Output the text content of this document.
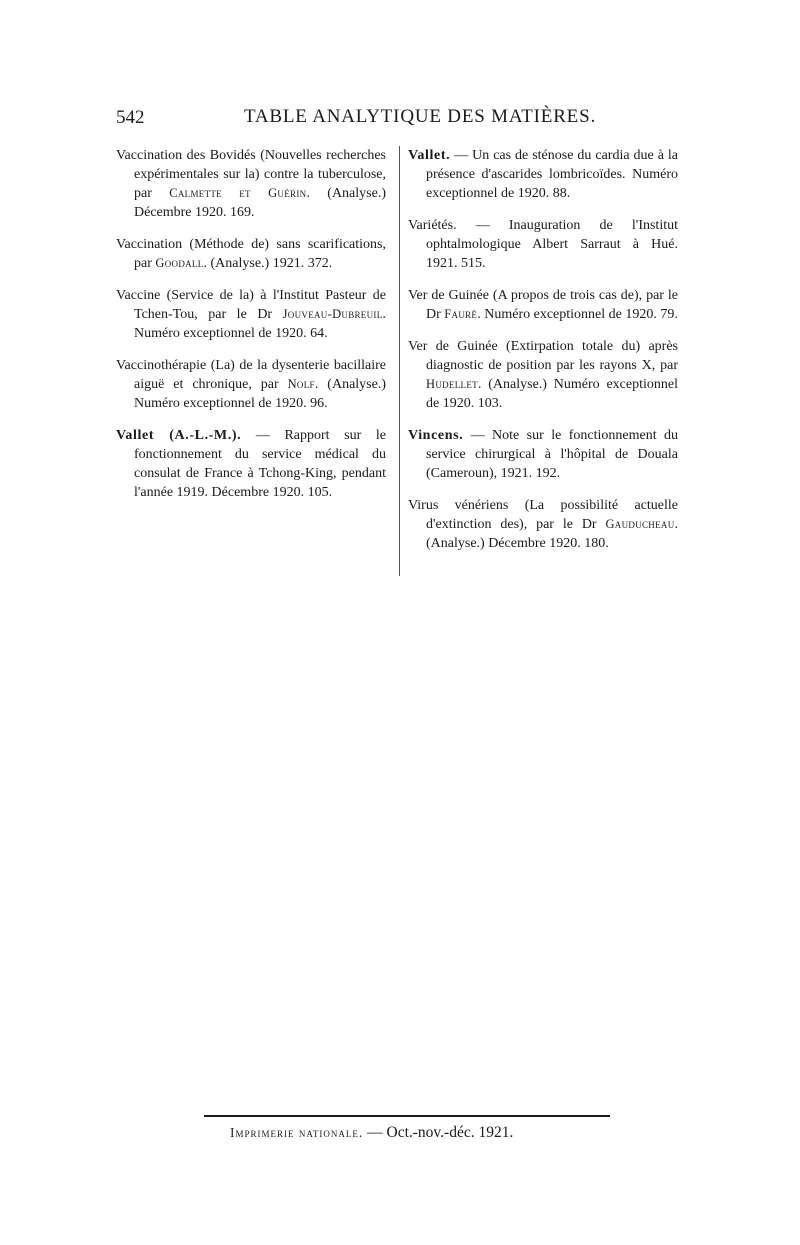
542	TABLE ANALYTIQUE DES MATIÈRES.

Vaccination des Bovidés (Nouvelles recherches expérimentales sur la) contre la tuberculose, par Calmette et Guérin. (Analyse.) Décembre 1920. 169.

Vaccination (Méthode de) sans scarifications, par Goodall. (Analyse.) 1921. 372.

Vaccine (Service de la) à l'Institut Pasteur de Tchen-Tou, par le Dr Jouveau-Dubreuil. Numéro exceptionnel de 1920. 64.

Vaccinothérapie (La) de la dysenterie bacillaire aiguë et chronique, par Nolf. (Analyse.) Numéro exceptionnel de 1920. 96.

Vallet (A.-L.-M.). — Rapport sur le fonctionnement du service médical du consulat de France à Tchong-King, pendant l'année 1919. Décembre 1920. 105.

Vallet. — Un cas de sténose du cardia due à la présence d'ascarides lombricoïdes. Numéro exceptionnel de 1920. 88.

Variétés. — Inauguration de l'Institut ophtalmologique Albert Sarraut à Hué. 1921. 515.

Ver de Guinée (A propos de trois cas de), par le Dr Fauré. Numéro exceptionnel de 1920. 79.

Ver de Guinée (Extirpation totale du) après diagnostic de position par les rayons X, par Hudellet. (Analyse.) Numéro exceptionnel de 1920. 103.

Vincens. — Note sur le fonctionnement du service chirurgical à l'hôpital de Douala (Cameroun), 1921. 192.

Virus vénériens (La possibilité actuelle d'extinction des), par le Dr Gauducheau. (Analyse.) Décembre 1920. 180.

Imprimerie nationale. — Oct.-nov.-déc. 1921.
